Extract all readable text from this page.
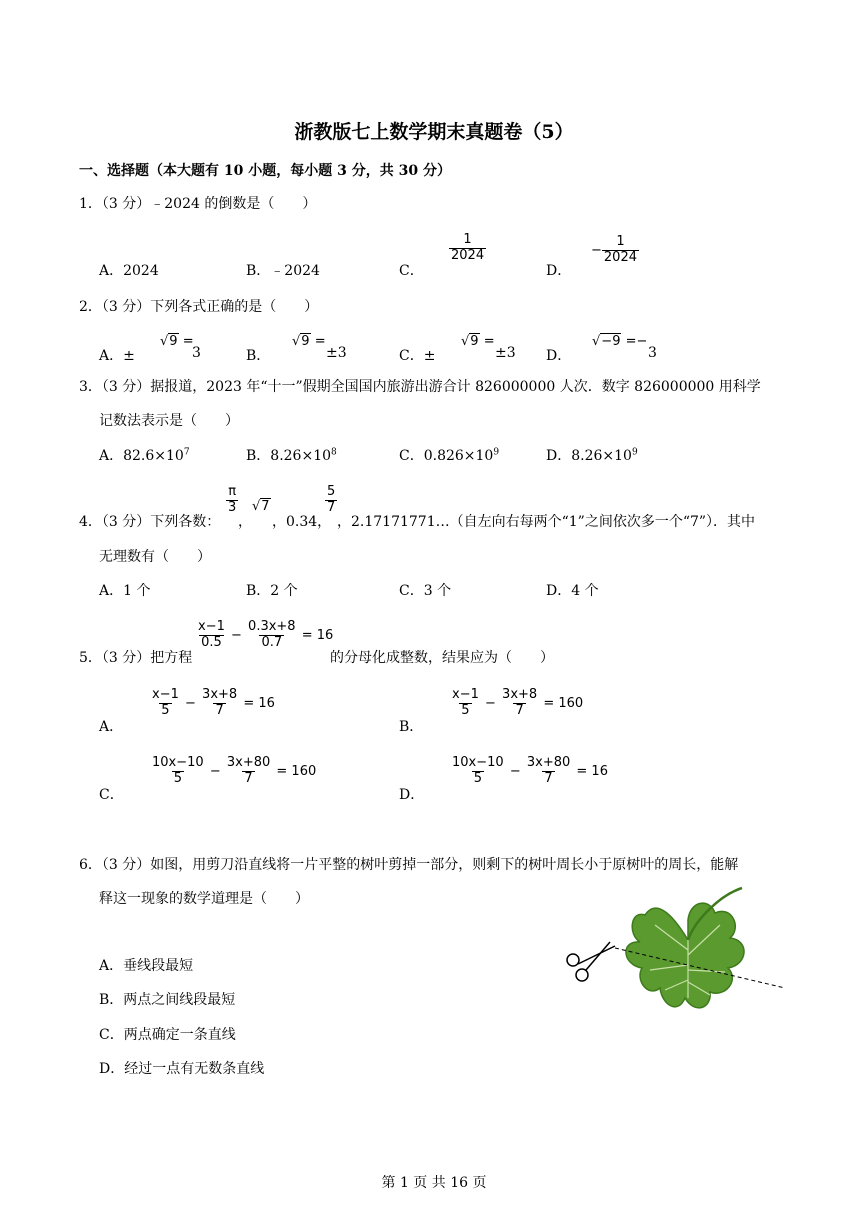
浙教版七上数学期末真题卷（5）
一、选择题（本大题有 10 小题，每小题 3 分，共 30 分）
1．（3 分）﹣2024 的倒数是（　　）
A．2024	B．﹣2024	C．
$\frac{1}{2024}$
D．
− $\frac{1}{2024}$
2．（3 分）下列各式正确的是（　　）
A．±
√9 =
3	B．
√9 =
±3	C．±
√9 =
±3 D．
√−9 =−
3
3．（3 分）据报道，2023 年“十一”假期全国国内旅游出游合计 826000000 人次．数字 826000000 用科学
记数法表示是（　　）
A．$82.6\times 10^7$	B．$8.26\times 10^8$	C．$0.826\times 10^9$	D．$8.26\times 10^9$
4．（3 分）下列各数：
$\frac{\pi}{3}$
，
√7
，0.34，
$\frac{5}{7}$
，2.17171771…（自左向右每两个“1”之间依次多一个“7”）．其中
无理数有（　　）
A．1 个	B．2 个	C．3 个	D．4 个
5．（3 分）把方程
$\frac{x-1}{0.5} - \frac{0.3x+8}{0.7} = 16$
的分母化成整数，结果应为（　　）
A．
$\frac{x-1}{5} - \frac{3x+8}{7} = 16$
B．
$\frac{x-1}{5} - \frac{3x+8}{7} = 160$
C．
$\frac{10x-10}{5} - \frac{3x+80}{7} = 160$
D．
$\frac{10x-10}{5} - \frac{3x+80}{7} = 16$
6．（3 分）如图，用剪刀沿直线将一片平整的树叶剪掉一部分，则剩下的树叶周长小于原树叶的周长，能解
释这一现象的数学道理是（　　）
A．垂线段最短
B．两点之间线段最短
C．两点确定一条直线
D．经过一点有无数条直线
第 1 页 共 16 页
